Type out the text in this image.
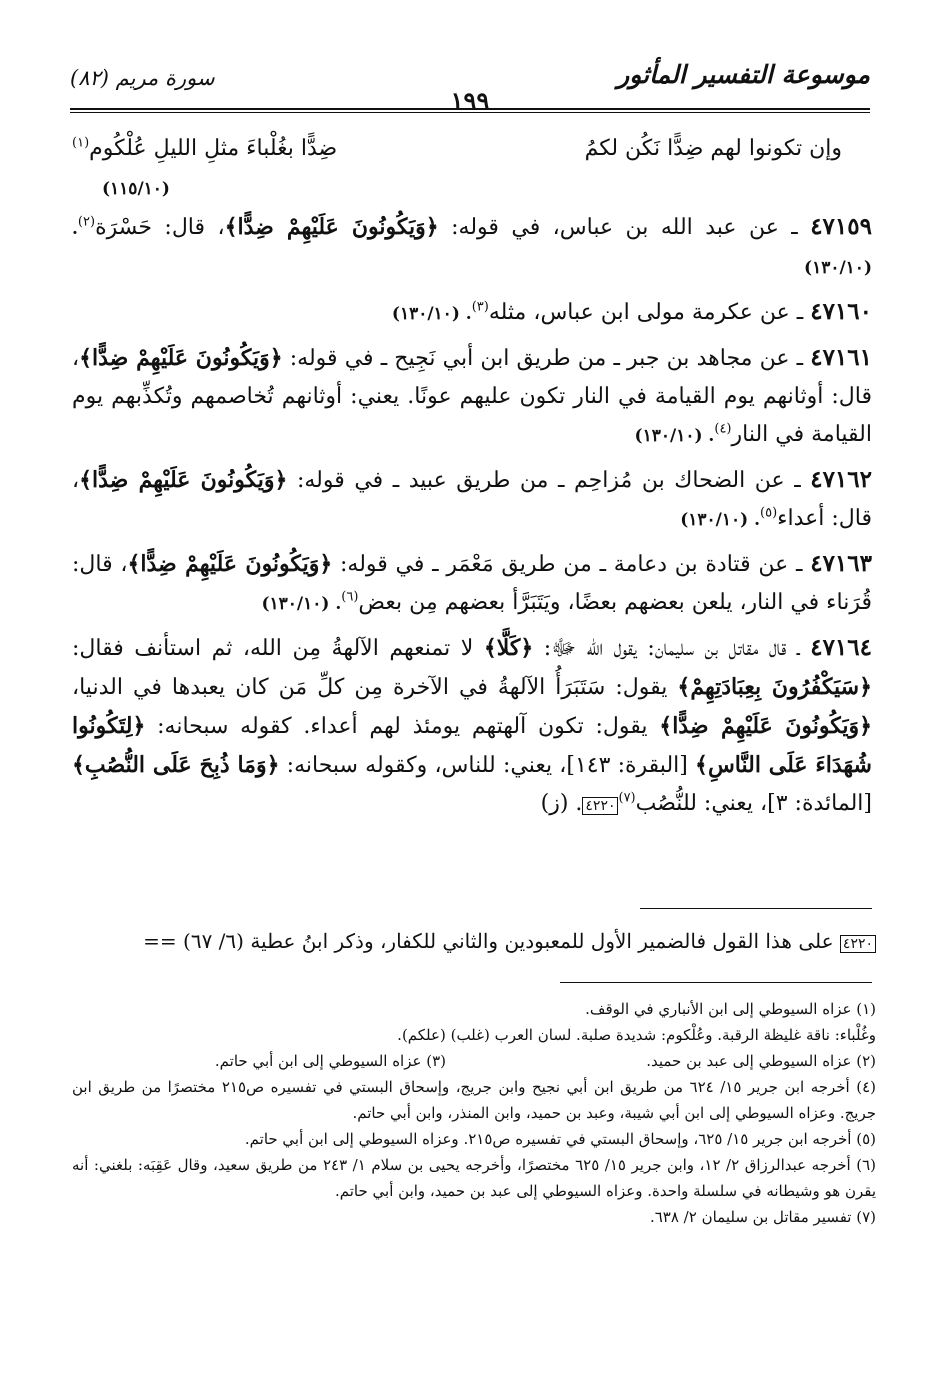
موسوعة التفسير المأثور
١٩٩
سورة مريم (٨٢)
وإن تكونوا لهم ضِدًّا نَكُن لكمُ
ضِدًّا بغُلْباءَ مثلِ الليلِ عُلْكُوم$^{(١)}$
(١١٥/١٠)

٤٧١٥٩ ـ عن عبد الله بن عباس، في قوله: ﴿وَيَكُونُونَ عَلَيْهِمْ ضِدًّا﴾، قال: حَسْرَة$^{(٢)}$. (١٣٠/١٠)

٤٧١٦٠ ـ عن عكرمة مولى ابن عباس، مثله$^{(٣)}$. (١٣٠/١٠)

٤٧١٦١ ـ عن مجاهد بن جبر ـ من طريق ابن أبي نَجِيح ـ في قوله: ﴿وَيَكُونُونَ عَلَيْهِمْ ضِدًّا﴾، قال: أوثانهم يوم القيامة في النار تكون عليهم عونًا. يعني: أوثانهم تُخاصمهم وتُكذِّبهم يوم القيامة في النار$^{(٤)}$. (١٣٠/١٠)

٤٧١٦٢ ـ عن الضحاك بن مُزاحِم ـ من طريق عبيد ـ في قوله: ﴿وَيَكُونُونَ عَلَيْهِمْ ضِدًّا﴾، قال: أعداء$^{(٥)}$. (١٣٠/١٠)

٤٧١٦٣ ـ عن قتادة بن دعامة ـ من طريق مَعْمَر ـ في قوله: ﴿وَيَكُونُونَ عَلَيْهِمْ ضِدًّا﴾، قال: قُرَناء في النار، يلعن بعضهم بعضًا، ويَتَبَرَّأ بعضهم مِن بعض$^{(٦)}$. (١٣٠/١٠)

٤٧١٦٤ ـ قال مقاتل بن سليمان: يقول الله ﷻ: ﴿كَلَّا﴾ لا تمنعهم الآلهةُ مِن الله، ثم استأنف فقال: ﴿سَيَكْفُرُونَ بِعِبَادَتِهِمْ﴾ يقول: سَتَبَرَأُ الآلهةُ في الآخرة مِن كلِّ مَن كان يعبدها في الدنيا، ﴿وَيَكُونُونَ عَلَيْهِمْ ضِدًّا﴾ يقول: تكون آلهتهم يومئذ لهم أعداء. كقوله سبحانه: ﴿لِتَكُونُوا شُهَدَاءَ عَلَى النَّاسِ﴾ [البقرة: ١٤٣]، يعني: للناس، وكقوله سبحانه: ﴿وَمَا ذُبِحَ عَلَى النُّصُبِ﴾ [المائدة: ٣]، يعني: للنُّصُب$^{(٧)}$٤٢٢٠. (ز)

٤٢٢٠ على هذا القول فالضمير الأول للمعبودين والثاني للكفار، وذكر ابنُ عطية (٦/ ٦٧) ==

(١) عزاه السيوطي إلى ابن الأنباري في الوقف.

وغُلْباء: ناقة غليظة الرقبة. وعُلْكوم: شديدة صلبة. لسان العرب (غلب) (علكم).

(٢) عزاه السيوطي إلى عبد بن حميد.
(٣) عزاه السيوطي إلى ابن أبي حاتم.

(٤) أخرجه ابن جرير ١٥/ ٦٢٤ من طريق ابن أبي نجيح وابن جريج، وإسحاق البستي في تفسيره ص٢١٥ مختصرًا من طريق ابن جريج. وعزاه السيوطي إلى ابن أبي شيبة، وعبد بن حميد، وابن المنذر، وابن أبي حاتم.

(٥) أخرجه ابن جرير ١٥/ ٦٢٥، وإسحاق البستي في تفسيره ص٢١٥. وعزاه السيوطي إلى ابن أبي حاتم.

(٦) أخرجه عبدالرزاق ٢/ ١٢، وابن جرير ١٥/ ٦٢٥ مختصرًا، وأخرجه يحيى بن سلام ١/ ٢٤٣ من طريق سعيد، وقال عَقِبَه: بلغني: أنه يقرن هو وشيطانه في سلسلة واحدة. وعزاه السيوطي إلى عبد بن حميد، وابن أبي حاتم.

(٧) تفسير مقاتل بن سليمان ٢/ ٦٣٨.
